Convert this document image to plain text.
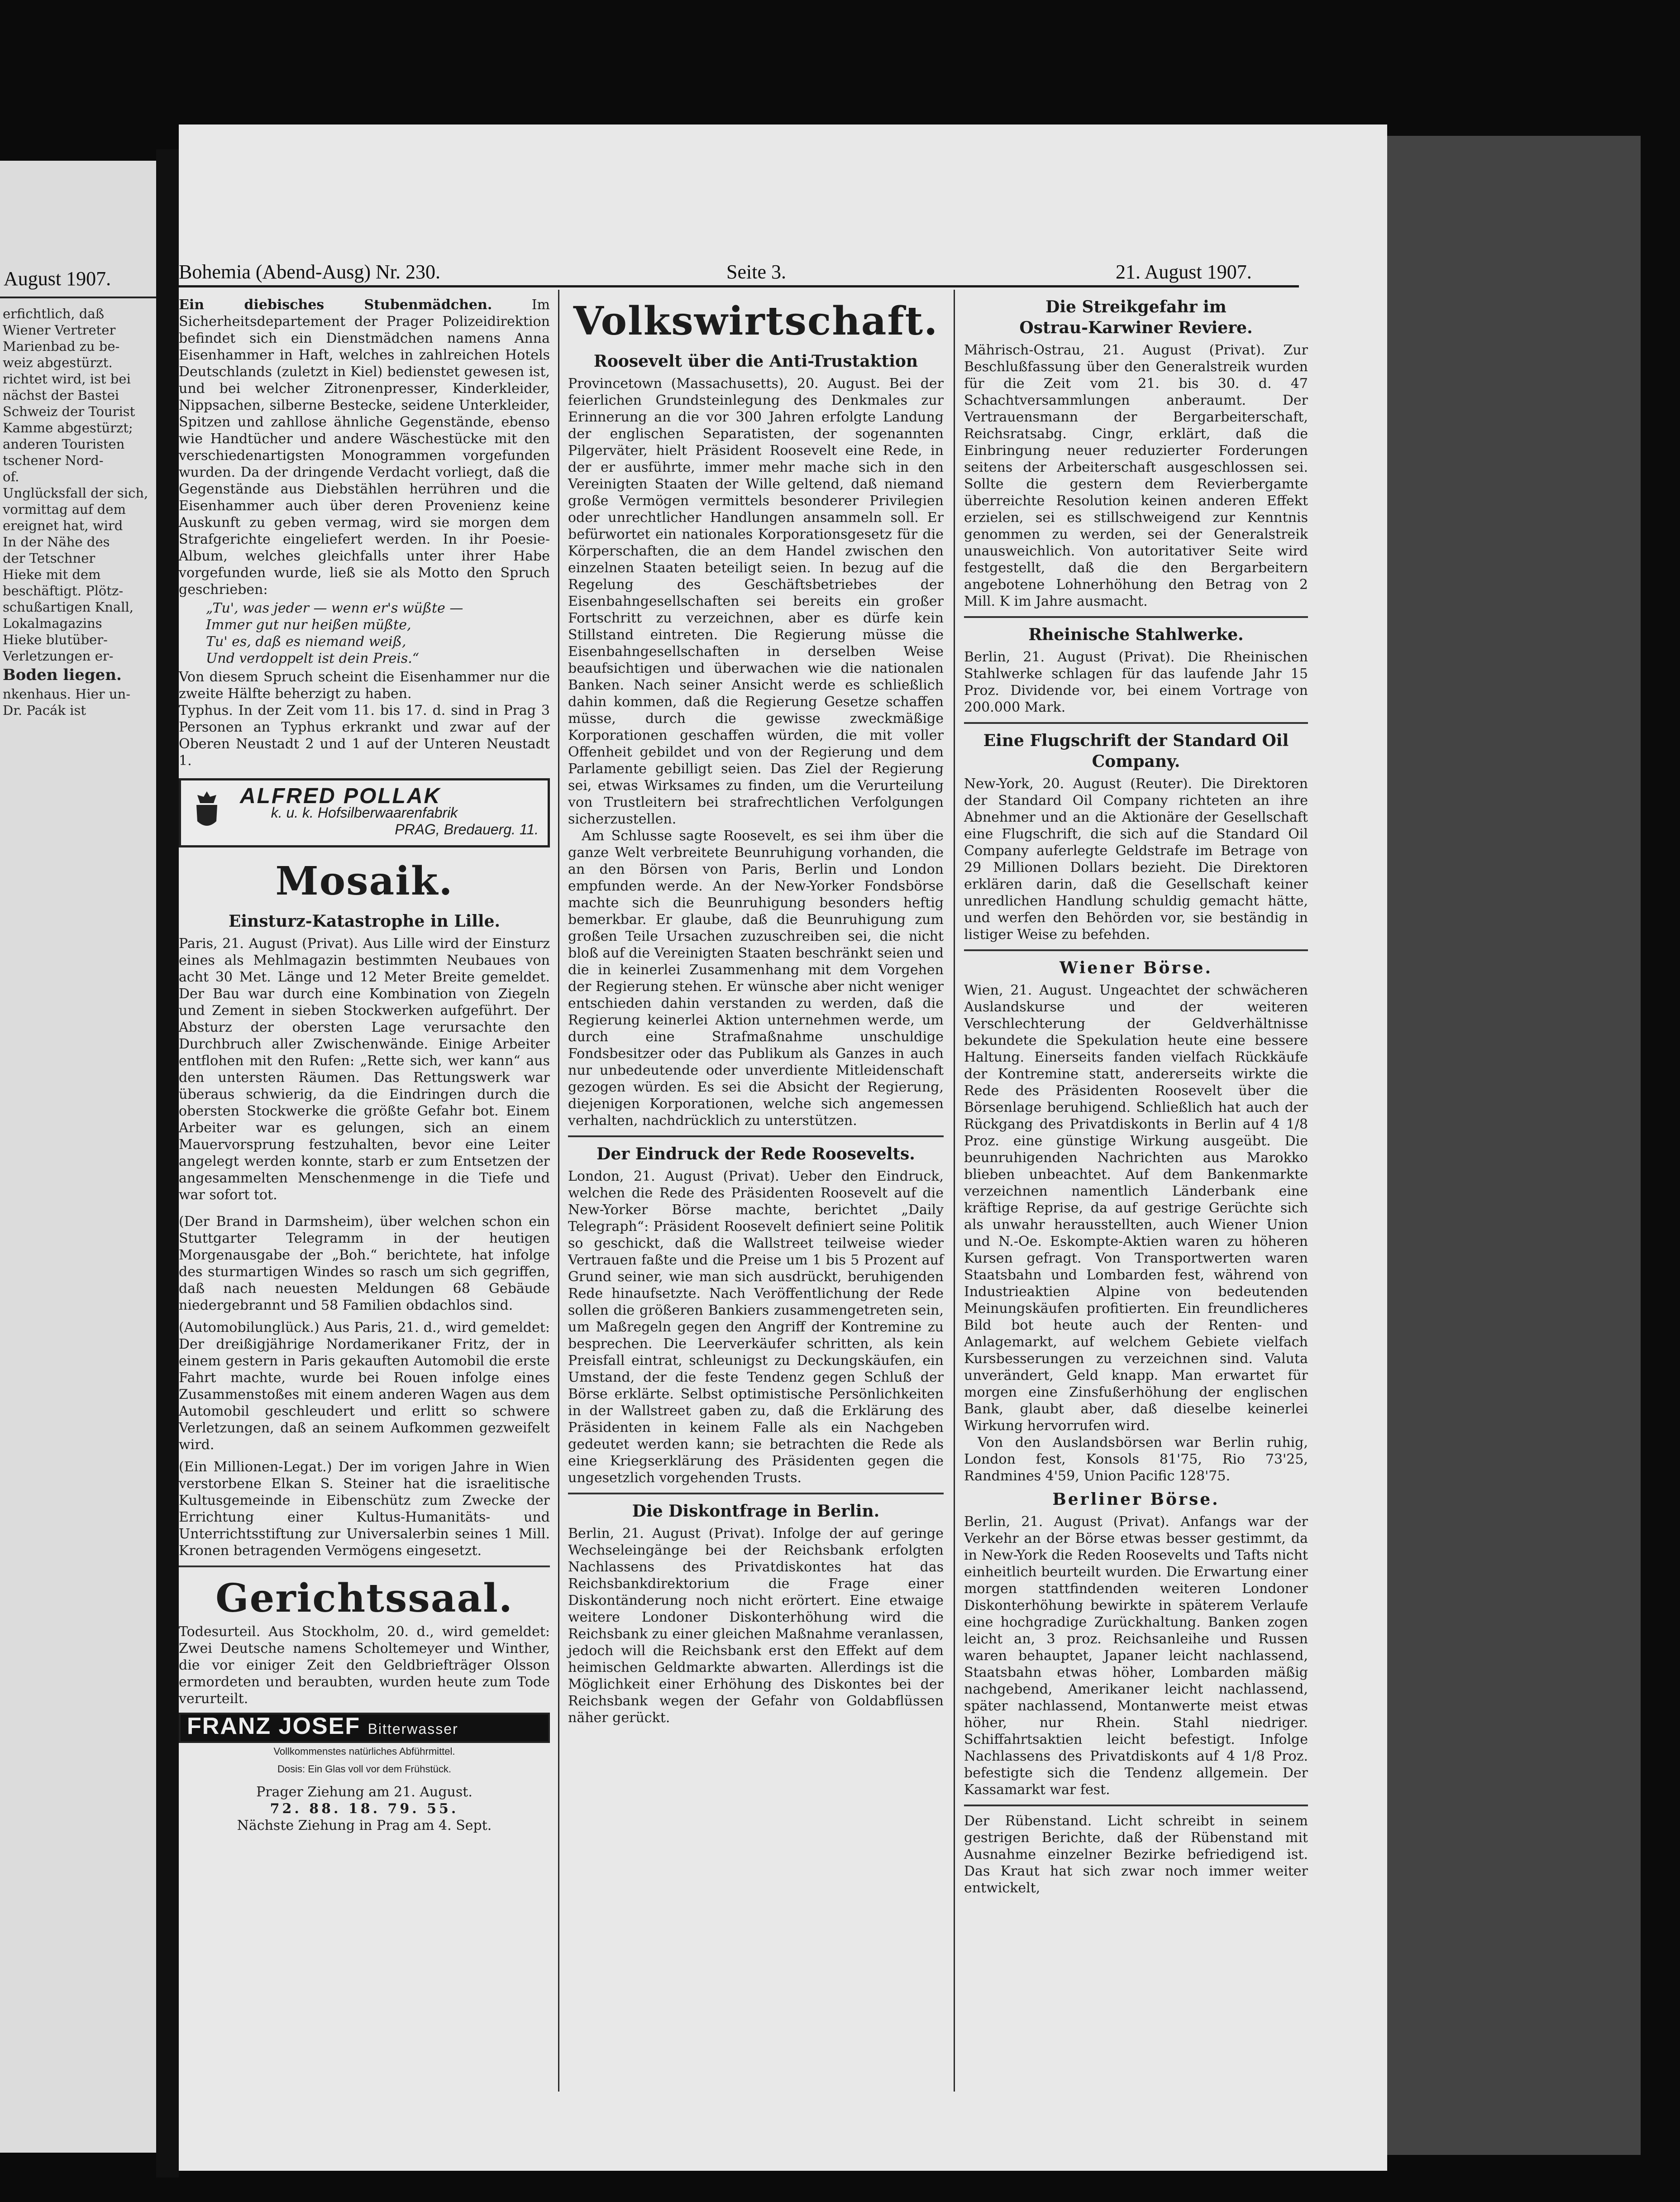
August 1907.

erfichtlich, daß

Wiener Vertreter

Marienbad zu be-

weiz abgestürzt.

richtet wird, ist bei

nächst der Bastei

Schweiz der Tourist

Kamme abgestürzt;

anderen Touristen

tschener Nord-

of.

Unglücksfall der sich,

vormittag auf dem

ereignet hat, wird

In der Nähe des

der Tetschner

Hieke mit dem

beschäftigt. Plötz-

schußartigen Knall,

Lokalmagazins

Hieke blutüber-

Verletzungen er-

Boden liegen.

nkenhaus. Hier un-

Dr. Pacák ist

Bohemia (Abend-Ausg) Nr. 230.	Seite 3.	21. August 1907.

Ein diebisches Stubenmädchen.	Im Sicherheitsdepartement der Prager Polizeidirektion befindet sich ein Dienstmädchen namens Anna Eisenhammer in Haft, welches in zahlreichen Hotels Deutschlands (zuletzt in Kiel) bedienstet gewesen ist, und bei welcher Zitronenpresser, Kinderkleider, Nippsachen, silberne Bestecke, seidene Unterkleider, Spitzen und zahllose ähnliche Gegenstände, ebenso wie Handtücher und andere Wäschestücke mit den verschiedenartigsten Monogrammen vorgefunden wurden. Da der dringende Verdacht vorliegt, daß die Gegenstände aus Diebstählen herrühren und die Eisenhammer auch über deren Provenienz keine Auskunft zu geben vermag, wird sie morgen dem Strafgerichte eingeliefert werden. In ihr Poesie-Album, welches gleichfalls unter ihrer Habe vorgefunden wurde, ließ sie als Motto den Spruch geschrieben:

„Tu', was jeder — wenn er's wüßte —
Immer gut nur heißen müßte,
Tu' es, daß es niemand weiß,
Und verdoppelt ist dein Preis.“

Von diesem Spruch scheint die Eisenhammer nur die zweite Hälfte beherzigt zu haben.

Typhus. In der Zeit vom 11. bis 17. d. sind in Prag 3 Personen an Typhus erkrankt und zwar auf der Oberen Neustadt 2 und 1 auf der Unteren Neustadt 1.

ALFRED POLLAK
k. u. k. Hofsilberwaarenfabrik
PRAG, Bredauerg. 11.
Mosaik.
Einsturz-Katastrophe in Lille.

Paris, 21. August (Privat). Aus Lille wird der Einsturz eines als Mehlmagazin bestimmten Neubaues von acht 30 Met. Länge und 12 Meter Breite gemeldet. Der Bau war durch eine Kombination von Ziegeln und Zement in sieben Stockwerken aufgeführt. Der Absturz der obersten Lage verursachte den Durchbruch aller Zwischenwände. Einige Arbeiter entflohen mit den Rufen: „Rette sich, wer kann“ aus den untersten Räumen. Das Rettungswerk war überaus schwierig, da die Eindringen durch die obersten Stockwerke die größte Gefahr bot. Einem Arbeiter war es gelungen, sich an einem Mauervorsprung festzuhalten, bevor eine Leiter angelegt werden konnte, starb er zum Entsetzen der angesammelten Menschenmenge in die Tiefe und war sofort tot.

(Der Brand in Darmsheim), über welchen schon ein Stuttgarter Telegramm in der heutigen Morgenausgabe der „Boh.“ berichtete, hat infolge des sturmartigen Windes so rasch um sich gegriffen, daß nach neuesten Meldungen 68 Gebäude niedergebrannt und 58 Familien obdachlos sind.

(Automobilunglück.) Aus Paris, 21. d., wird gemeldet: Der dreißigjährige Nordamerikaner Fritz, der in einem gestern in Paris gekauften Automobil die erste Fahrt machte, wurde bei Rouen infolge eines Zusammenstoßes mit einem anderen Wagen aus dem Automobil geschleudert und erlitt so schwere Verletzungen, daß an seinem Aufkommen gezweifelt wird.

(Ein Millionen-Legat.) Der im vorigen Jahre in Wien verstorbene Elkan S. Steiner hat die israelitische Kultusgemeinde in Eibenschütz zum Zwecke der Errichtung einer Kultus-Humanitäts- und Unterrichtsstiftung zur Universalerbin seines 1 Mill. Kronen betragenden Vermögens eingesetzt.

Gerichtssaal.

Todesurteil. Aus Stockholm, 20. d., wird gemeldet: Zwei Deutsche namens Scholtemeyer und Winther, die vor einiger Zeit den Geldbriefträger Olsson ermordeten und beraubten, wurden heute zum Tode verurteilt.

FRANZ JOSEF Bitterwasser
Vollkommenstes natürliches Abführmittel.
Dosis: Ein Glas voll vor dem Frühstück.
Prager Ziehung am 21. August.
72. 88. 18. 79. 55.
Nächste Ziehung in Prag am 4. Sept.
Volkswirtschaft.
Roosevelt über die Anti-Trustaktion

Provincetown (Massachusetts), 20. August. Bei der feierlichen Grundsteinlegung des Denkmales zur Erinnerung an die vor 300 Jahren erfolgte Landung der englischen Separatisten, der sogenannten Pilgerväter, hielt Präsident Roosevelt eine Rede, in der er ausführte, immer mehr mache sich in den Vereinigten Staaten der Wille geltend, daß niemand große Vermögen vermittels besonderer Privilegien oder unrechtlicher Handlungen ansammeln soll. Er befürwortet ein nationales Korporationsgesetz für die Körperschaften, die an dem Handel zwischen den einzelnen Staaten beteiligt seien. In bezug auf die Regelung des Geschäftsbetriebes der Eisenbahngesellschaften sei bereits ein großer Fortschritt zu verzeichnen, aber es dürfe kein Stillstand eintreten. Die Regierung müsse die Eisenbahngesellschaften in derselben Weise beaufsichtigen und überwachen wie die nationalen Banken. Nach seiner Ansicht werde es schließlich dahin kommen, daß die Regierung Gesetze schaffen müsse, durch die gewisse zweckmäßige Korporationen geschaffen würden, die mit voller Offenheit gebildet und von der Regierung und dem Parlamente gebilligt seien. Das Ziel der Regierung sei, etwas Wirksames zu finden, um die Verurteilung von Trustleitern bei strafrechtlichen Verfolgungen sicherzustellen.

Am Schlusse sagte Roosevelt, es sei ihm über die ganze Welt verbreitete Beunruhigung vorhanden, die an den Börsen von Paris, Berlin und London empfunden werde. An der New-Yorker Fondsbörse machte sich die Beunruhigung besonders heftig bemerkbar. Er glaube, daß die Beunruhigung zum großen Teile Ursachen zuzuschreiben sei, die nicht bloß auf die Vereinigten Staaten beschränkt seien und die in keinerlei Zusammenhang mit dem Vorgehen der Regierung stehen. Er wünsche aber nicht weniger entschieden dahin verstanden zu werden, daß die Regierung keinerlei Aktion unternehmen werde, um durch eine Strafmaßnahme unschuldige Fondsbesitzer oder das Publikum als Ganzes in auch nur unbedeutende oder unverdiente Mitleidenschaft gezogen würden. Es sei die Absicht der Regierung, diejenigen Korporationen, welche sich angemessen verhalten, nachdrücklich zu unterstützen.

Der Eindruck der Rede Roosevelts.

London, 21. August (Privat). Ueber den Eindruck, welchen die Rede des Präsidenten Roosevelt auf die New-Yorker Börse machte, berichtet „Daily Telegraph“: Präsident Roosevelt definiert seine Politik so geschickt, daß die Wallstreet teilweise wieder Vertrauen faßte und die Preise um 1 bis 5 Prozent auf Grund seiner, wie man sich ausdrückt, beruhigenden Rede hinaufsetzte. Nach Veröffentlichung der Rede sollen die größeren Bankiers zusammengetreten sein, um Maßregeln gegen den Angriff der Kontremine zu besprechen. Die Leerverkäufer schritten, als kein Preisfall eintrat, schleunigst zu Deckungskäufen, ein Umstand, der die feste Tendenz gegen Schluß der Börse erklärte. Selbst optimistische Persönlichkeiten in der Wallstreet gaben zu, daß die Erklärung des Präsidenten in keinem Falle als ein Nachgeben gedeutet werden kann; sie betrachten die Rede als eine Kriegserklärung des Präsidenten gegen die ungesetzlich vorgehenden Trusts.

Die Diskontfrage in Berlin.

Berlin, 21. August (Privat). Infolge der auf geringe Wechseleingänge bei der Reichsbank erfolgten Nachlassens des Privatdiskontes hat das Reichsbankdirektorium die Frage einer Diskontänderung noch nicht erörtert. Eine etwaige weitere Londoner Diskonterhöhung wird die Reichsbank zu einer gleichen Maßnahme veranlassen, jedoch will die Reichsbank erst den Effekt auf dem heimischen Geldmarkte abwarten. Allerdings ist die Möglichkeit einer Erhöhung des Diskontes bei der Reichsbank wegen der Gefahr von Goldabflüssen näher gerückt.

Die Streikgefahr im
Ostrau-Karwiner Reviere.

Mährisch-Ostrau, 21. August (Privat). Zur Beschlußfassung über den Generalstreik wurden für die Zeit vom 21. bis 30. d. 47 Schachtversammlungen anberaumt. Der Vertrauensmann der Bergarbeiterschaft, Reichsratsabg. Cingr, erklärt, daß die Einbringung neuer reduzierter Forderungen seitens der Arbeiterschaft ausgeschlossen sei. Sollte die gestern dem Revierbergamte überreichte Resolution keinen anderen Effekt erzielen, sei es stillschweigend zur Kenntnis genommen zu werden, sei der Generalstreik unausweichlich. Von autoritativer Seite wird festgestellt, daß die den Bergarbeitern angebotene Lohnerhöhung den Betrag von 2 Mill. K im Jahre ausmacht.

Rheinische Stahlwerke.

Berlin, 21. August (Privat). Die Rheinischen Stahlwerke schlagen für das laufende Jahr 15 Proz. Dividende vor, bei einem Vortrage von 200.000 Mark.

Eine Flugschrift der Standard Oil
Company.

New-York, 20. August (Reuter). Die Direktoren der Standard Oil Company richteten an ihre Abnehmer und an die Aktionäre der Gesellschaft eine Flugschrift, die sich auf die Standard Oil Company auferlegte Geldstrafe im Betrage von 29 Millionen Dollars bezieht. Die Direktoren erklären darin, daß die Gesellschaft keiner unredlichen Handlung schuldig gemacht hätte, und werfen den Behörden vor, sie beständig in listiger Weise zu befehden.

Wiener Börse.

Wien, 21. August. Ungeachtet der schwächeren Auslandskurse und der weiteren Verschlechterung der Geldverhältnisse bekundete die Spekulation heute eine bessere Haltung. Einerseits fanden vielfach Rückkäufe der Kontremine statt, andererseits wirkte die Rede des Präsidenten Roosevelt über die Börsenlage beruhigend. Schließlich hat auch der Rückgang des Privatdiskonts in Berlin auf 4 1/8 Proz. eine günstige Wirkung ausgeübt. Die beunruhigenden Nachrichten aus Marokko blieben unbeachtet. Auf dem Bankenmarkte verzeichnen namentlich Länderbank eine kräftige Reprise, da auf gestrige Gerüchte sich als unwahr herausstellten, auch Wiener Union und N.-Oe. Eskompte-Aktien waren zu höheren Kursen gefragt. Von Transportwerten waren Staatsbahn und Lombarden fest, während von Industrieaktien Alpine von bedeutenden Meinungskäufen profitierten. Ein freundlicheres Bild bot heute auch der Renten- und Anlagemarkt, auf welchem Gebiete vielfach Kursbesserungen zu verzeichnen sind. Valuta unverändert, Geld knapp. Man erwartet für morgen eine Zinsfußerhöhung der englischen Bank, glaubt aber, daß dieselbe keinerlei Wirkung hervorrufen wird.

Von den Auslandsbörsen war Berlin ruhig, London fest, Konsols 81'75, Rio 73'25, Randmines 4'59, Union Pacific 128'75.

Berliner Börse.

Berlin, 21. August (Privat). Anfangs war der Verkehr an der Börse etwas besser gestimmt, da in New-York die Reden Roosevelts und Tafts nicht einheitlich beurteilt wurden. Die Erwartung einer morgen stattfindenden weiteren Londoner Diskonterhöhung bewirkte in späterem Verlaufe eine hochgradige Zurückhaltung. Banken zogen leicht an, 3 proz. Reichsanleihe und Russen waren behauptet, Japaner leicht nachlassend, Staatsbahn etwas höher, Lombarden mäßig nachgebend, Amerikaner leicht nachlassend, später nachlassend, Montanwerte meist etwas höher, nur Rhein. Stahl niedriger. Schiffahrtsaktien leicht befestigt. Infolge Nachlassens des Privatdiskonts auf 4 1/8 Proz. befestigte sich die Tendenz allgemein. Der Kassamarkt war fest.

Der Rübenstand. Licht schreibt in seinem gestrigen Berichte, daß der Rübenstand mit Ausnahme einzelner Bezirke befriedigend ist. Das Kraut hat sich zwar noch immer weiter entwickelt,
